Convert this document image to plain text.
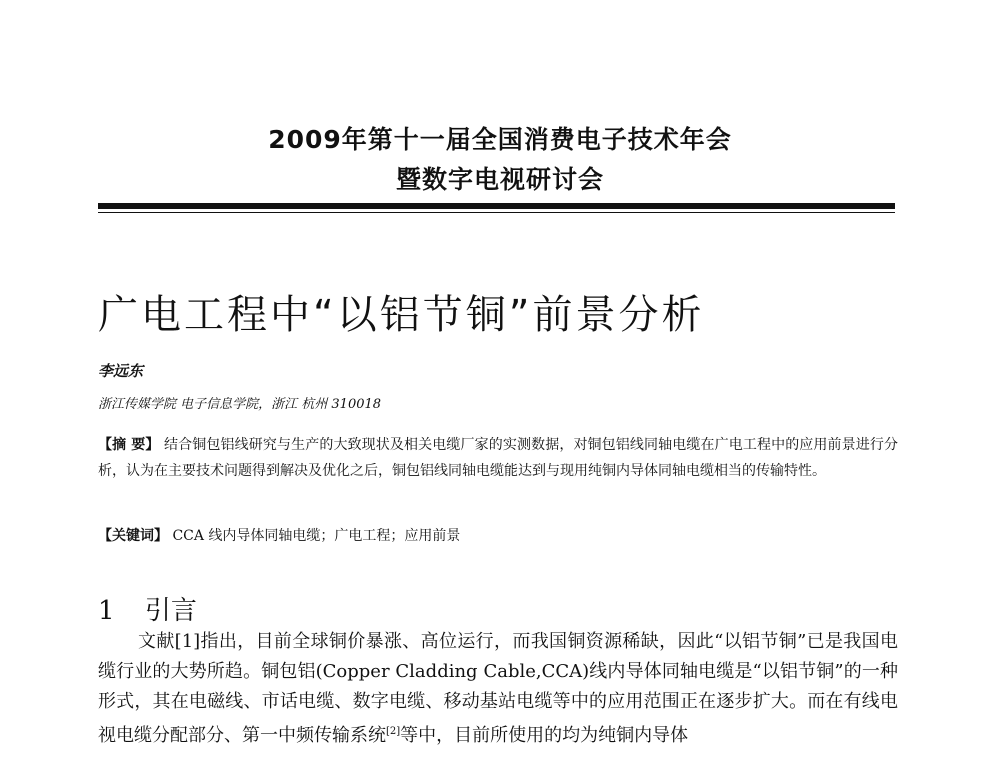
2009年第十一届全国消费电子技术年会
暨数字电视研讨会
广电工程中“以铝节铜”前景分析
李远东
浙江传媒学院 电子信息学院，浙江 杭州 310018
【摘 要】 结合铜包铝线研究与生产的大致现状及相关电缆厂家的实测数据，对铜包铝线同轴电缆在广电工程中的应用前景进行分析，认为在主要技术问题得到解决及优化之后，铜包铝线同轴电缆能达到与现用纯铜内导体同轴电缆相当的传输特性。
【关键词】 CCA 线内导体同轴电缆；广电工程；应用前景
1 引言
文献[1]指出，目前全球铜价暴涨、高位运行，而我国铜资源稀缺，因此“以铝节铜”已是我国电缆行业的大势所趋。铜包铝(Copper Cladding Cable,CCA)线内导体同轴电缆是“以铝节铜”的一种形式，其在电磁线、市话电缆、数字电缆、移动基站电缆等中的应用范围正在逐步扩大。而在有线电视电缆分配部分、第一中频传输系统[2]等中，目前所使用的均为纯铜内导体
